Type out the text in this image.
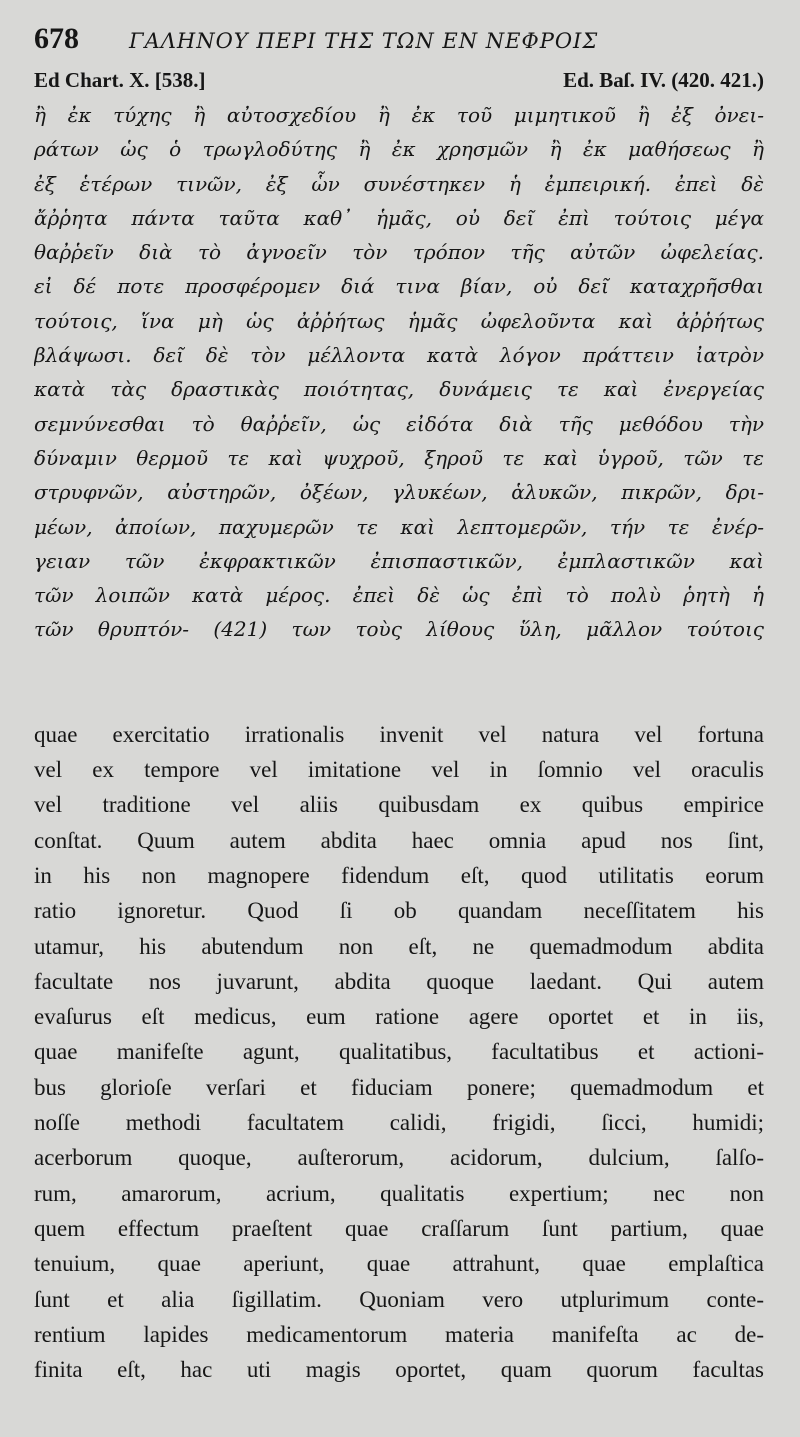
678	ΓΑΛΗΝΟΥ ΠΕΡΙ ΤΗΣ ΤΩΝ ΕΝ ΝΕΦΡΟΙΣ
Ed Chart. X. [538.]	Ed. Baſ. IV. (420. 421.)
ἢ ἐκ τύχης ἢ αὐτοσχεδίου ἢ ἐκ τοῦ μιμητικοῦ ἢ ἐξ ὀνει-
ράτων ὡς ὁ τρωγλοδύτης ἢ ἐκ χρησμῶν ἢ ἐκ μαθήσεως ἢ
ἐξ ἑτέρων τινῶν, ἐξ ὧν συνέστηκεν ἡ ἐμπειρική. ἐπεὶ δὲ
ἄῤῥητα πάντα ταῦτα καθ᾽ ἡμᾶς, οὐ δεῖ ἐπὶ τούτοις μέγα
θαῤῥεῖν διὰ τὸ ἀγνοεῖν τὸν τρόπον τῆς αὐτῶν ὠφελείας.
εἰ δέ ποτε προσφέρομεν διά τινα βίαν, οὐ δεῖ καταχρῆσθαι
τούτοις, ἵνα μὴ ὡς ἀῤῥήτως ἡμᾶς ὠφελοῦντα καὶ ἀῤῥήτως
βλάψωσι. δεῖ δὲ τὸν μέλλοντα κατὰ λόγον πράττειν ἰατρὸν
κατὰ τὰς δραστικὰς ποιότητας, δυνάμεις τε καὶ ἐνεργείας
σεμνύνεσθαι τὸ θαῤῥεῖν, ὡς εἰδότα διὰ τῆς μεθόδου τὴν
δύναμιν θερμοῦ τε καὶ ψυχροῦ, ξηροῦ τε καὶ ὑγροῦ, τῶν τε
στρυφνῶν, αὐστηρῶν, ὀξέων, γλυκέων, ἁλυκῶν, πικρῶν, δρι-
μέων, ἀποίων, παχυμερῶν τε καὶ λεπτομερῶν, τήν τε ἐνέρ-
γειαν τῶν ἐκφρακτικῶν ἐπισπαστικῶν, ἐμπλαστικῶν καὶ
τῶν λοιπῶν κατὰ μέρος. ἐπεὶ δὲ ὡς ἐπὶ τὸ πολὺ ῥητὴ ἡ
τῶν θρυπτόν- (421) των τοὺς λίθους ὕλη, μᾶλλον τούτοις
quae exercitatio irrationalis invenit vel natura vel fortuna
vel ex tempore vel imitatione vel in ſomnio vel oraculis
vel traditione vel aliis quibusdam ex quibus empirice
conſtat. Quum autem abdita haec omnia apud nos ſint,
in his non magnopere fidendum eſt, quod utilitatis eorum
ratio ignoretur. Quod ſi ob quandam neceſſitatem his
utamur, his abutendum non eſt, ne quemadmodum abdita
facultate nos juvarunt, abdita quoque laedant. Qui autem
evaſurus eſt medicus, eum ratione agere oportet et in iis,
quae manifeſte agunt, qualitatibus, facultatibus et actioni-
bus glorioſe verſari et fiduciam ponere; quemadmodum et
noſſe methodi facultatem calidi, frigidi, ſicci, humidi;
acerborum quoque, auſterorum, acidorum, dulcium, ſalſo-
rum, amarorum, acrium, qualitatis expertium; nec non
quem effectum praeſtent quae craſſarum ſunt partium, quae
tenuium, quae aperiunt, quae attrahunt, quae emplaſtica
ſunt et alia ſigillatim. Quoniam vero utplurimum conte-
rentium lapides medicamentorum materia manifeſta ac de-
finita eſt, hac uti magis oportet, quam quorum facultas
